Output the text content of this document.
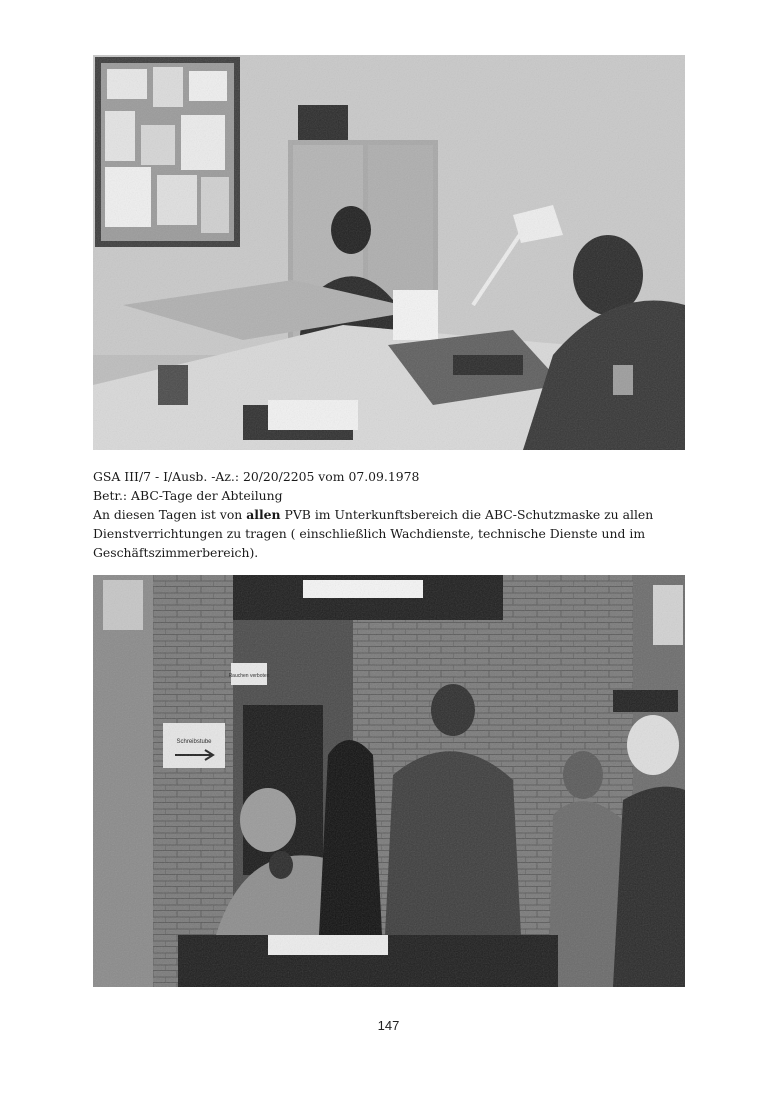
GSA III/7 - I/Ausb. -Az.: 20/20/2205 vom 07.09.1978

Betr.: ABC-Tage der Abteilung

An diesen Tagen ist von allen PVB im Unterkunftsbereich die ABC-Schutzmaske zu allen Dienstverrichtungen zu tragen ( einschließlich Wachdienste, technische Dienste und im Geschäftszimmerbereich).

147
